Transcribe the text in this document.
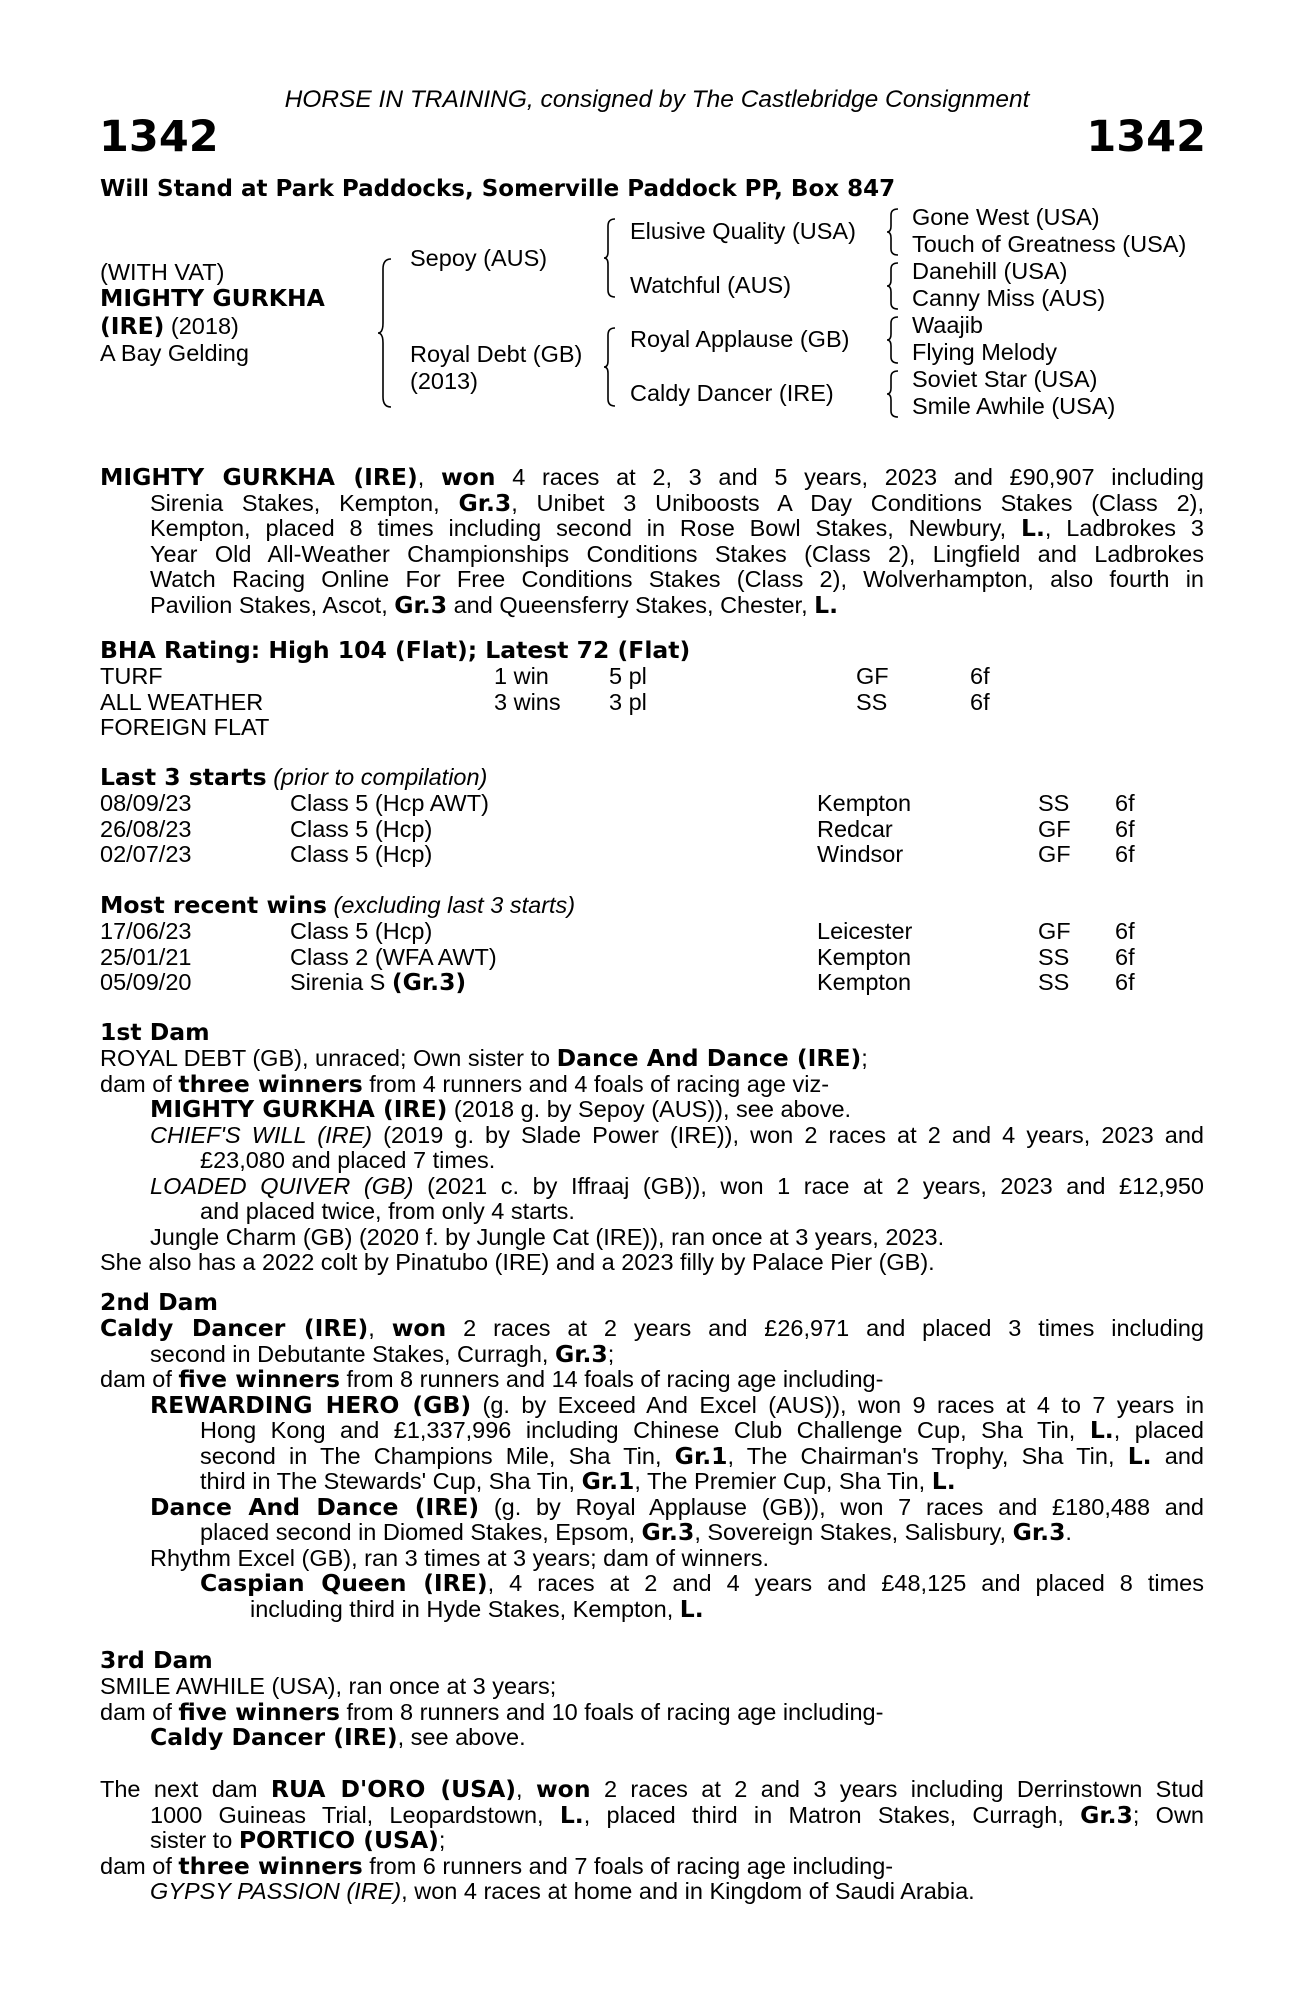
HORSE IN TRAINING, consigned by The Castlebridge Consignment
1342	1342
Will Stand at Park Paddocks, Somerville Paddock PP, Box 847
(WITH VAT)
MIGHTY GURKHA
(IRE) (2018)
A Bay Gelding
Sepoy (AUS)
Royal Debt (GB)
(2013)
Elusive Quality (USA)
Watchful (AUS)
Royal Applause (GB)
Caldy Dancer (IRE)
Gone West (USA)
Touch of Greatness (USA)
Danehill (USA)
Canny Miss (AUS)
Waajib
Flying Melody
Soviet Star (USA)
Smile Awhile (USA)
MIGHTY GURKHA (IRE), won 4 races at 2, 3 and 5 years, 2023 and £90,907 including
Sirenia Stakes, Kempton, Gr.3, Unibet 3 Uniboosts A Day Conditions Stakes (Class 2),
Kempton, placed 8 times including second in Rose Bowl Stakes, Newbury, L., Ladbrokes 3
Year Old All-Weather Championships Conditions Stakes (Class 2), Lingfield and Ladbrokes
Watch Racing Online For Free Conditions Stakes (Class 2), Wolverhampton, also fourth in
Pavilion Stakes, Ascot, Gr.3 and Queensferry Stakes, Chester, L.
BHA Rating: High 104 (Flat); Latest 72 (Flat)
TURF	1 win	5 pl	GF	6f
ALL WEATHER	3 wins 3 pl	SS	6f
FOREIGN FLAT
Last 3 starts (prior to compilation)
08/09/23	Class 5 (Hcp AWT)	Kempton	SS 6f
26/08/23	Class 5 (Hcp)	Redcar	GF 6f
02/07/23	Class 5 (Hcp)	Windsor	GF 6f
Most recent wins (excluding last 3 starts)
17/06/23	Class 5 (Hcp)	Leicester	GF 6f
25/01/21	Class 2 (WFA AWT)	Kempton	SS 6f
05/09/20	Sirenia S (Gr.3)	Kempton	SS 6f
1st Dam
ROYAL DEBT (GB), unraced; Own sister to Dance And Dance (IRE);
dam of three winners from 4 runners and 4 foals of racing age viz-
MIGHTY GURKHA (IRE) (2018 g. by Sepoy (AUS)), see above.
CHIEF'S WILL (IRE) (2019 g. by Slade Power (IRE)), won 2 races at 2 and 4 years, 2023 and
£23,080 and placed 7 times.
LOADED QUIVER (GB) (2021 c. by Iffraaj (GB)), won 1 race at 2 years, 2023 and £12,950
and placed twice, from only 4 starts.
Jungle Charm (GB) (2020 f. by Jungle Cat (IRE)), ran once at 3 years, 2023.
She also has a 2022 colt by Pinatubo (IRE) and a 2023 filly by Palace Pier (GB).
2nd Dam
Caldy Dancer (IRE), won 2 races at 2 years and £26,971 and placed 3 times including
second in Debutante Stakes, Curragh, Gr.3;
dam of five winners from 8 runners and 14 foals of racing age including-
REWARDING HERO (GB) (g. by Exceed And Excel (AUS)), won 9 races at 4 to 7 years in
Hong Kong and £1,337,996 including Chinese Club Challenge Cup, Sha Tin, L., placed
second in The Champions Mile, Sha Tin, Gr.1, The Chairman's Trophy, Sha Tin, L. and
third in The Stewards' Cup, Sha Tin, Gr.1, The Premier Cup, Sha Tin, L.
Dance And Dance (IRE) (g. by Royal Applause (GB)), won 7 races and £180,488 and
placed second in Diomed Stakes, Epsom, Gr.3, Sovereign Stakes, Salisbury, Gr.3.
Rhythm Excel (GB), ran 3 times at 3 years; dam of winners.
Caspian Queen (IRE), 4 races at 2 and 4 years and £48,125 and placed 8 times
including third in Hyde Stakes, Kempton, L.
3rd Dam
SMILE AWHILE (USA), ran once at 3 years;
dam of five winners from 8 runners and 10 foals of racing age including-
Caldy Dancer (IRE), see above.
The next dam RUA D'ORO (USA), won 2 races at 2 and 3 years including Derrinstown Stud
1000 Guineas Trial, Leopardstown, L., placed third in Matron Stakes, Curragh, Gr.3; Own
sister to PORTICO (USA);
dam of three winners from 6 runners and 7 foals of racing age including-
GYPSY PASSION (IRE), won 4 races at home and in Kingdom of Saudi Arabia.
